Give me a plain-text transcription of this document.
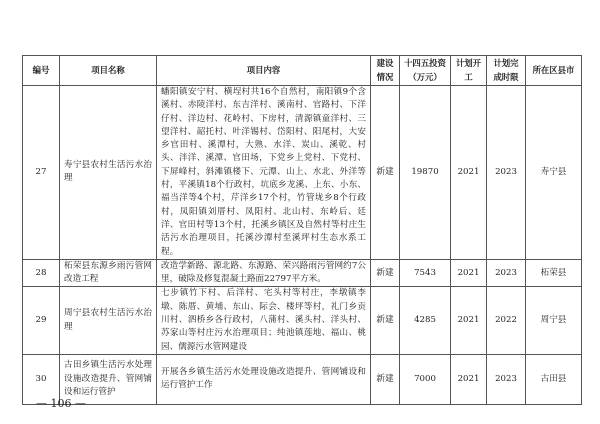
编号	项目名称	项目内容	建设情况	十四五投资（万元）	计划开工	计划完成时限	所在区县市
27	寿宁县农村生活污水治理	蟠阳镇安宁村、横埕村共16个自然村，南阳镇9个含溪村、赤陵洋村、东吉洋村、溪南村、官路村、下洋仔村、洋边村、花岭村、下房村，清源镇童洋村、三望洋村、韶托村、叶洋锡村、岱阳村、阳尾村，大安乡官田村、溪潭村，大熟、水洋、炭山、溪乾、村头、泮洋、溪潭、官田场，下党乡上党村、下党村、下屏峰村，斜滩镇楼下、元潭、山上、水北、外洋等村，平溪镇18个行政村，坑底乡龙溪、上东、小东、福当洋等4个村，芹洋乡17个村，竹管垅乡8个行政村，凤阳镇刘厝村、凤阳村、北山村、东岭后、廷洋、官田村等13个村，托溪乡镇区及自然村等村庄生活污水治理项目，托溪沙潭村至溪坪村生态水系工程。	新建	19870	2021	2023	寿宁县
28	柘荣县东源乡雨污管网改造工程	改造学新路、源北路、东源路、荣兴路雨污管网约7公里，破除及修复混凝土路面22797平方米。	新建	7543	2021	2023	柘荣县
29	周宁县农村生活污水治理	七步镇竹下村、后洋村、宅头村等村庄，李墩镇李墩、陈厝、黄埔、东山、际会、楼坪等村，礼门乡贡川村、泗桥乡各行政村，八蒲村、溪头村、洋头村、苏家山等村庄污水治理项目；纯池镇莲地、福山、桃园、儒源污水管网建设	新建	4285	2021	2022	周宁县
30	古田乡镇生活污水处理设施改造提升、管网铺设和运行管护	开展各乡镇生活污水处理设施改造提升、管网铺设和运行管护工作	新建	7000	2021	2023	古田县
— 106 —
